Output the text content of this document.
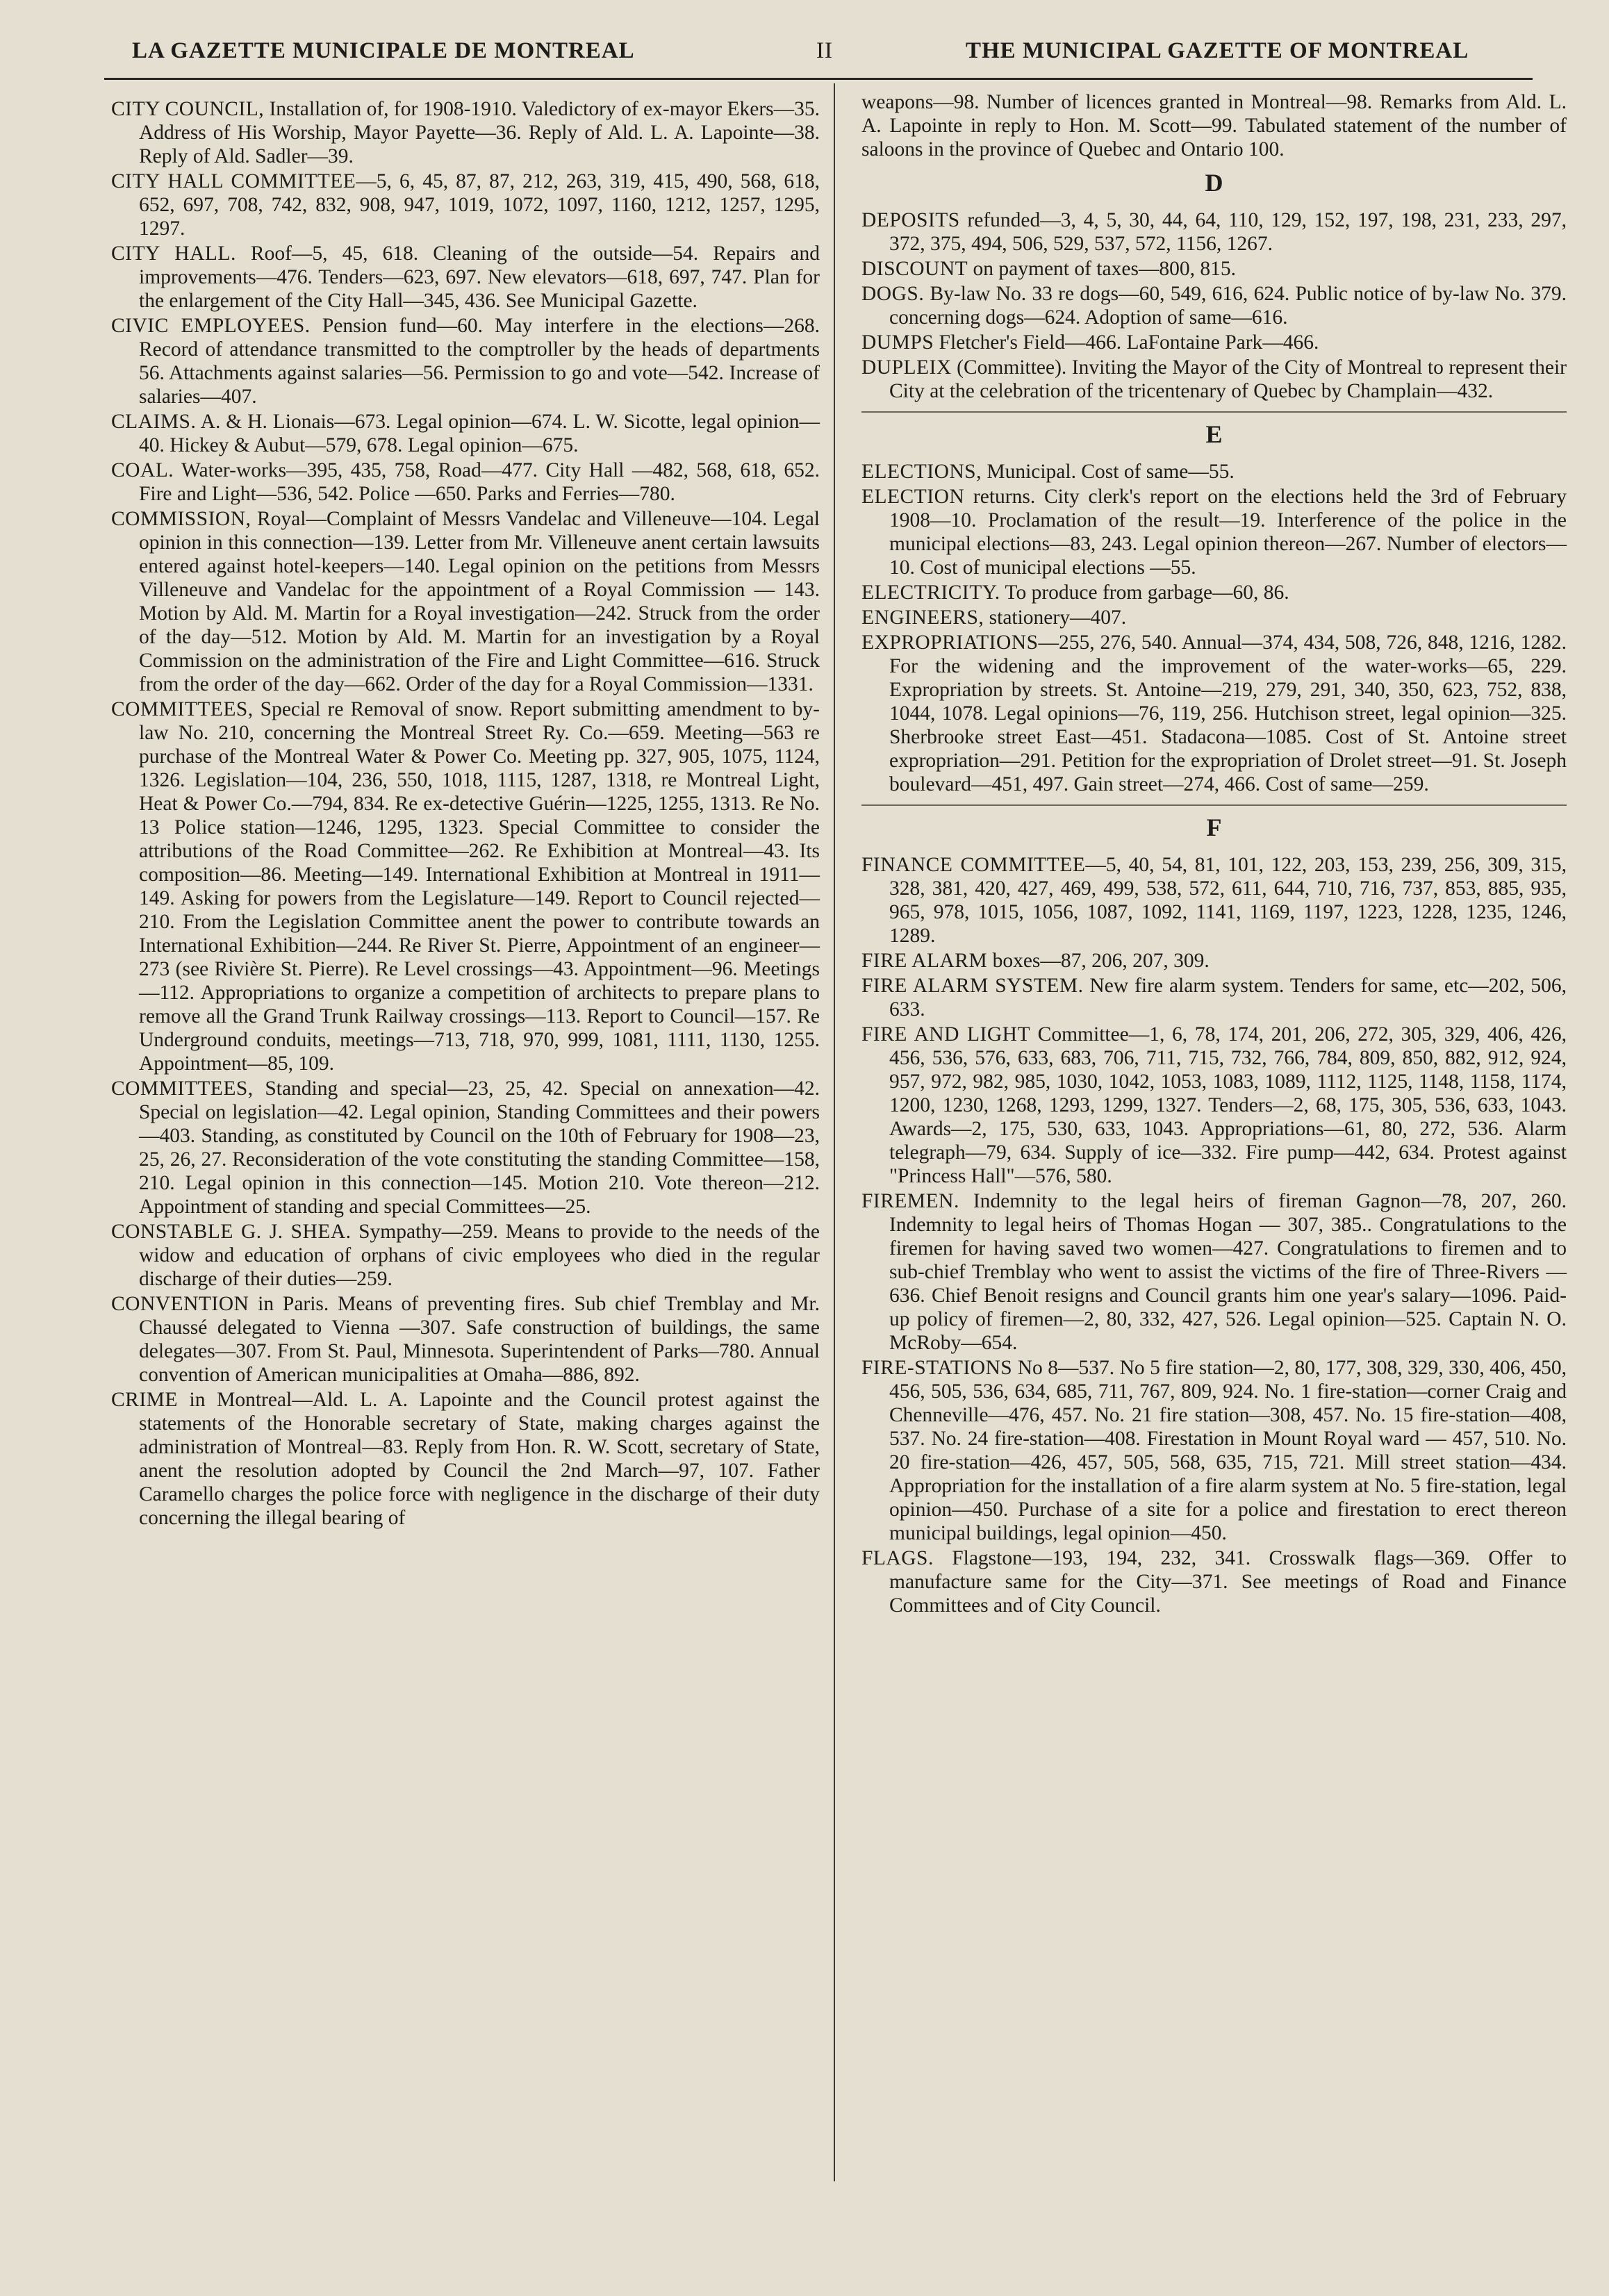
LA GAZETTE MUNICIPALE DE MONTREAL	II	THE MUNICIPAL GAZETTE OF MONTREAL

CITY COUNCIL, Installation of, for 1908-1910. Valedictory of ex-mayor Ekers—35. Address of His Worship, Mayor Payette—36. Reply of Ald. L. A. Lapointe—38. Reply of Ald. Sadler—39.

CITY HALL COMMITTEE—5, 6, 45, 87, 87, 212, 263, 319, 415, 490, 568, 618, 652, 697, 708, 742, 832, 908, 947, 1019, 1072, 1097, 1160, 1212, 1257, 1295, 1297.

CITY HALL. Roof—5, 45, 618. Cleaning of the outside—54. Repairs and improvements—476. Tenders—623, 697. New elevators—618, 697, 747. Plan for the enlargement of the City Hall—345, 436. See Municipal Gazette.

CIVIC EMPLOYEES. Pension fund—60. May interfere in the elections—268. Record of attendance transmitted to the comptroller by the heads of departments 56. Attachments against salaries—56. Permission to go and vote—542. Increase of salaries—407.

CLAIMS. A. & H. Lionais—673. Legal opinion—674. L. W. Sicotte, legal opinion—40. Hickey & Aubut—579, 678. Legal opinion—675.

COAL. Water-works—395, 435, 758, Road—477. City Hall —482, 568, 618, 652. Fire and Light—536, 542. Police —650. Parks and Ferries—780.

COMMISSION, Royal—Complaint of Messrs Vandelac and Villeneuve—104. Legal opinion in this connection—139. Letter from Mr. Villeneuve anent certain lawsuits entered against hotel-keepers—140. Legal opinion on the petitions from Messrs Villeneuve and Vandelac for the appointment of a Royal Commission — 143. Motion by Ald. M. Martin for a Royal investigation—242. Struck from the order of the day—512. Motion by Ald. M. Martin for an investigation by a Royal Commission on the administration of the Fire and Light Committee—616. Struck from the order of the day—662. Order of the day for a Royal Commission—1331.

COMMITTEES, Special re Removal of snow. Report submitting amendment to by-law No. 210, concerning the Montreal Street Ry. Co.—659. Meeting—563 re purchase of the Montreal Water & Power Co. Meeting pp. 327, 905, 1075, 1124, 1326. Legislation—104, 236, 550, 1018, 1115, 1287, 1318, re Montreal Light, Heat & Power Co.—794, 834. Re ex-detective Guérin—1225, 1255, 1313. Re No. 13 Police station—1246, 1295, 1323. Special Committee to consider the attributions of the Road Committee—262. Re Exhibition at Montreal—43. Its composition—86. Meeting—149. International Exhibition at Montreal in 1911—149. Asking for powers from the Legislature—149. Report to Council rejected—210. From the Legislation Committee anent the power to contribute towards an International Exhibition—244. Re River St. Pierre, Appointment of an engineer—273 (see Rivière St. Pierre). Re Level crossings—43. Appointment—96. Meetings—112. Appropriations to organize a competition of architects to prepare plans to remove all the Grand Trunk Railway crossings—113. Report to Council—157. Re Underground conduits, meetings—713, 718, 970, 999, 1081, 1111, 1130, 1255. Appointment—85, 109.

COMMITTEES, Standing and special—23, 25, 42. Special on annexation—42. Special on legislation—42. Legal opinion, Standing Committees and their powers—403. Standing, as constituted by Council on the 10th of February for 1908—23, 25, 26, 27. Reconsideration of the vote constituting the standing Committee—158, 210. Legal opinion in this connection—145. Motion 210. Vote thereon—212. Appointment of standing and special Committees—25.

CONSTABLE G. J. SHEA. Sympathy—259. Means to provide to the needs of the widow and education of orphans of civic employees who died in the regular discharge of their duties—259.

CONVENTION in Paris. Means of preventing fires. Sub chief Tremblay and Mr. Chaussé delegated to Vienna —307. Safe construction of buildings, the same delegates—307. From St. Paul, Minnesota. Superintendent of Parks—780. Annual convention of American municipalities at Omaha—886, 892.

CRIME in Montreal—Ald. L. A. Lapointe and the Council protest against the statements of the Honorable secretary of State, making charges against the administration of Montreal—83. Reply from Hon. R. W. Scott, secretary of State, anent the resolution adopted by Council the 2nd March—97, 107. Father Caramello charges the police force with negligence in the discharge of their duty concerning the illegal bearing of

weapons—98. Number of licences granted in Montreal—98. Remarks from Ald. L. A. Lapointe in reply to Hon. M. Scott—99. Tabulated statement of the number of saloons in the province of Quebec and Ontario 100.

D

DEPOSITS refunded—3, 4, 5, 30, 44, 64, 110, 129, 152, 197, 198, 231, 233, 297, 372, 375, 494, 506, 529, 537, 572, 1156, 1267.

DISCOUNT on payment of taxes—800, 815.

DOGS. By-law No. 33 re dogs—60, 549, 616, 624. Public notice of by-law No. 379. concerning dogs—624. Adoption of same—616.

DUMPS Fletcher's Field—466. LaFontaine Park—466.

DUPLEIX (Committee). Inviting the Mayor of the City of Montreal to represent their City at the celebration of the tricentenary of Quebec by Champlain—432.

E

ELECTIONS, Municipal. Cost of same—55.

ELECTION returns. City clerk's report on the elections held the 3rd of February 1908—10. Proclamation of the result—19. Interference of the police in the municipal elections—83, 243. Legal opinion thereon—267. Number of electors—10. Cost of municipal elections —55.

ELECTRICITY. To produce from garbage—60, 86.

ENGINEERS, stationery—407.

EXPROPRIATIONS—255, 276, 540. Annual—374, 434, 508, 726, 848, 1216, 1282. For the widening and the improvement of the water-works—65, 229. Expropriation by streets. St. Antoine—219, 279, 291, 340, 350, 623, 752, 838, 1044, 1078. Legal opinions—76, 119, 256. Hutchison street, legal opinion—325. Sherbrooke street East—451. Stadacona—1085. Cost of St. Antoine street expropriation—291. Petition for the expropriation of Drolet street—91. St. Joseph boulevard—451, 497. Gain street—274, 466. Cost of same—259.

F

FINANCE COMMITTEE—5, 40, 54, 81, 101, 122, 203, 153, 239, 256, 309, 315, 328, 381, 420, 427, 469, 499, 538, 572, 611, 644, 710, 716, 737, 853, 885, 935, 965, 978, 1015, 1056, 1087, 1092, 1141, 1169, 1197, 1223, 1228, 1235, 1246, 1289.

FIRE ALARM boxes—87, 206, 207, 309.

FIRE ALARM SYSTEM. New fire alarm system. Tenders for same, etc—202, 506, 633.

FIRE AND LIGHT Committee—1, 6, 78, 174, 201, 206, 272, 305, 329, 406, 426, 456, 536, 576, 633, 683, 706, 711, 715, 732, 766, 784, 809, 850, 882, 912, 924, 957, 972, 982, 985, 1030, 1042, 1053, 1083, 1089, 1112, 1125, 1148, 1158, 1174, 1200, 1230, 1268, 1293, 1299, 1327. Tenders—2, 68, 175, 305, 536, 633, 1043. Awards—2, 175, 530, 633, 1043. Appropriations—61, 80, 272, 536. Alarm telegraph—79, 634. Supply of ice—332. Fire pump—442, 634. Protest against "Princess Hall"—576, 580.

FIREMEN. Indemnity to the legal heirs of fireman Gagnon—78, 207, 260. Indemnity to legal heirs of Thomas Hogan — 307, 385.. Congratulations to the firemen for having saved two women—427. Congratulations to firemen and to sub-chief Tremblay who went to assist the victims of the fire of Three-Rivers —636. Chief Benoit resigns and Council grants him one year's salary—1096. Paid-up policy of firemen—2, 80, 332, 427, 526. Legal opinion—525. Captain N. O. McRoby—654.

FIRE-STATIONS No 8—537. No 5 fire station—2, 80, 177, 308, 329, 330, 406, 450, 456, 505, 536, 634, 685, 711, 767, 809, 924. No. 1 fire-station—corner Craig and Chenneville—476, 457. No. 21 fire station—308, 457. No. 15 fire-station—408, 537. No. 24 fire-station—408. Firestation in Mount Royal ward — 457, 510. No. 20 fire-station—426, 457, 505, 568, 635, 715, 721. Mill street station—434. Appropriation for the installation of a fire alarm system at No. 5 fire-station, legal opinion—450. Purchase of a site for a police and firestation to erect thereon municipal buildings, legal opinion—450.

FLAGS. Flagstone—193, 194, 232, 341. Crosswalk flags—369. Offer to manufacture same for the City—371. See meetings of Road and Finance Committees and of City Council.
